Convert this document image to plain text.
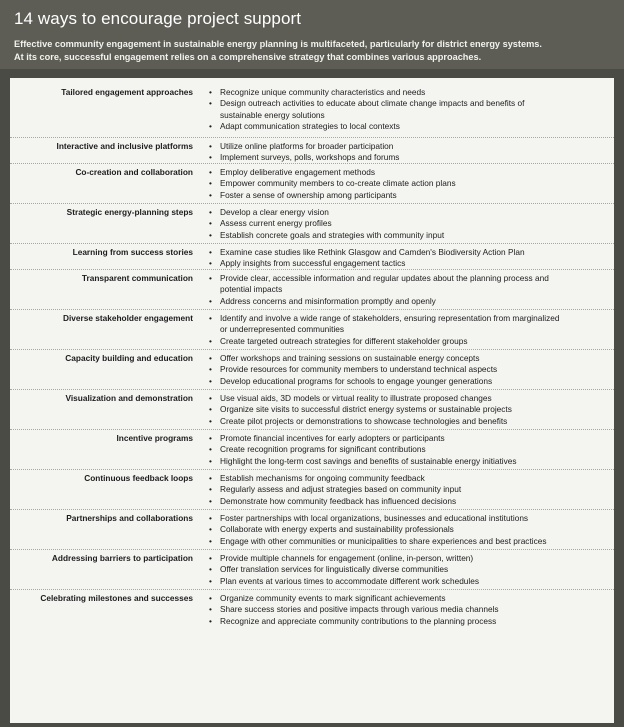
14 ways to encourage project support
Effective community engagement in sustainable energy planning is multifaceted, particularly for district energy systems.
At its core, successful engagement relies on a comprehensive strategy that combines various approaches.
Tailored engagement approaches	• Recognize unique community characteristics and needs
• Design outreach activities to educate about climate change impacts and benefits of
sustainable energy solutions
• Adapt communication strategies to local contexts
Interactive and inclusive platforms	• Utilize online platforms for broader participation
• Implement surveys, polls, workshops and forums
Co-creation and collaboration	• Employ deliberative engagement methods
• Empower community members to co-create climate action plans
• Foster a sense of ownership among participants
Strategic energy-planning steps	• Develop a clear energy vision
• Assess current energy profiles
• Establish concrete goals and strategies with community input
Learning from success stories	• Examine case studies like Rethink Glasgow and Camden's Biodiversity Action Plan
• Apply insights from successful engagement tactics
Transparent communication	• Provide clear, accessible information and regular updates about the planning process and
potential impacts
• Address concerns and misinformation promptly and openly
Diverse stakeholder engagement	• Identify and involve a wide range of stakeholders, ensuring representation from marginalized
or underrepresented communities
• Create targeted outreach strategies for different stakeholder groups
Capacity building and education	• Offer workshops and training sessions on sustainable energy concepts
• Provide resources for community members to understand technical aspects
• Develop educational programs for schools to engage younger generations
Visualization and demonstration	• Use visual aids, 3D models or virtual reality to illustrate proposed changes
• Organize site visits to successful district energy systems or sustainable projects
• Create pilot projects or demonstrations to showcase technologies and benefits
Incentive programs	• Promote financial incentives for early adopters or participants
• Create recognition programs for significant contributions
• Highlight the long-term cost savings and benefits of sustainable energy initiatives
Continuous feedback loops	• Establish mechanisms for ongoing community feedback
• Regularly assess and adjust strategies based on community input
• Demonstrate how community feedback has influenced decisions
Partnerships and collaborations	• Foster partnerships with local organizations, businesses and educational institutions
• Collaborate with energy experts and sustainability professionals
• Engage with other communities or municipalities to share experiences and best practices
Addressing barriers to participation	• Provide multiple channels for engagement (online, in-person, written)
• Offer translation services for linguistically diverse communities
• Plan events at various times to accommodate different work schedules
Celebrating milestones and successes	• Organize community events to mark significant achievements
• Share success stories and positive impacts through various media channels
• Recognize and appreciate community contributions to the planning process
